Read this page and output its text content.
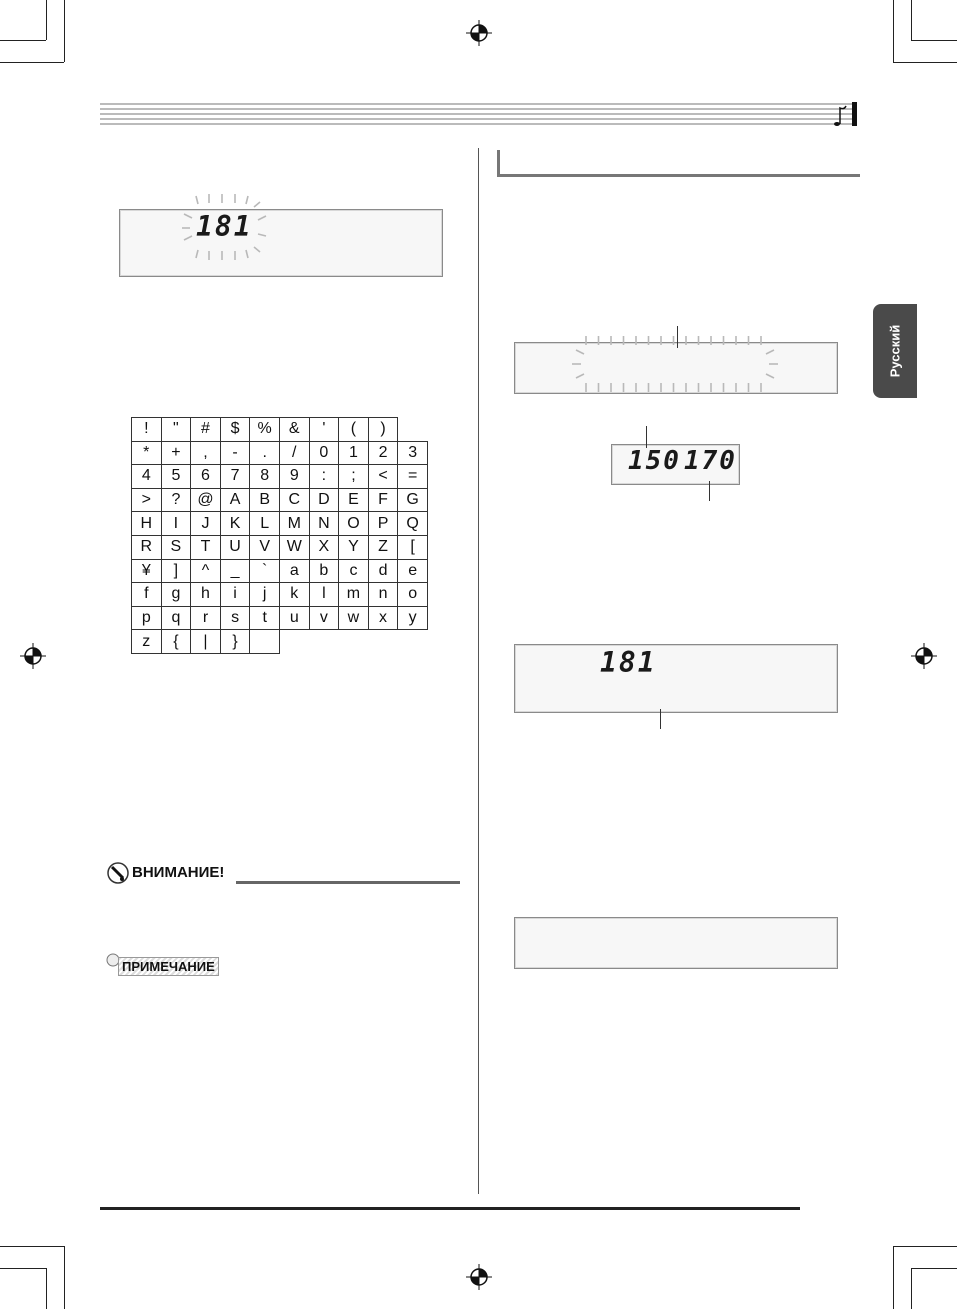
Русский
181
!	"	#	$	%	&	'	(	)	
*	+	,	-	.	/	0	1	2	3
4	5	6	7	8	9	:	;	<	=
>	?	@	A	B	C	D	E	F	G
H	I	J	K	L	M	N	O	P	Q
R	S	T	U	V	W	X	Y	Z	[
¥	]	^	_	`	a	b	c	d	e
f	g	h	i	j	k	l	m	n	o
p	q	r	s	t	u	v	w	x	y
z	{	|	}						
ВНИМАНИЕ!
ПРИМЕЧАНИЕ
150 170
181
